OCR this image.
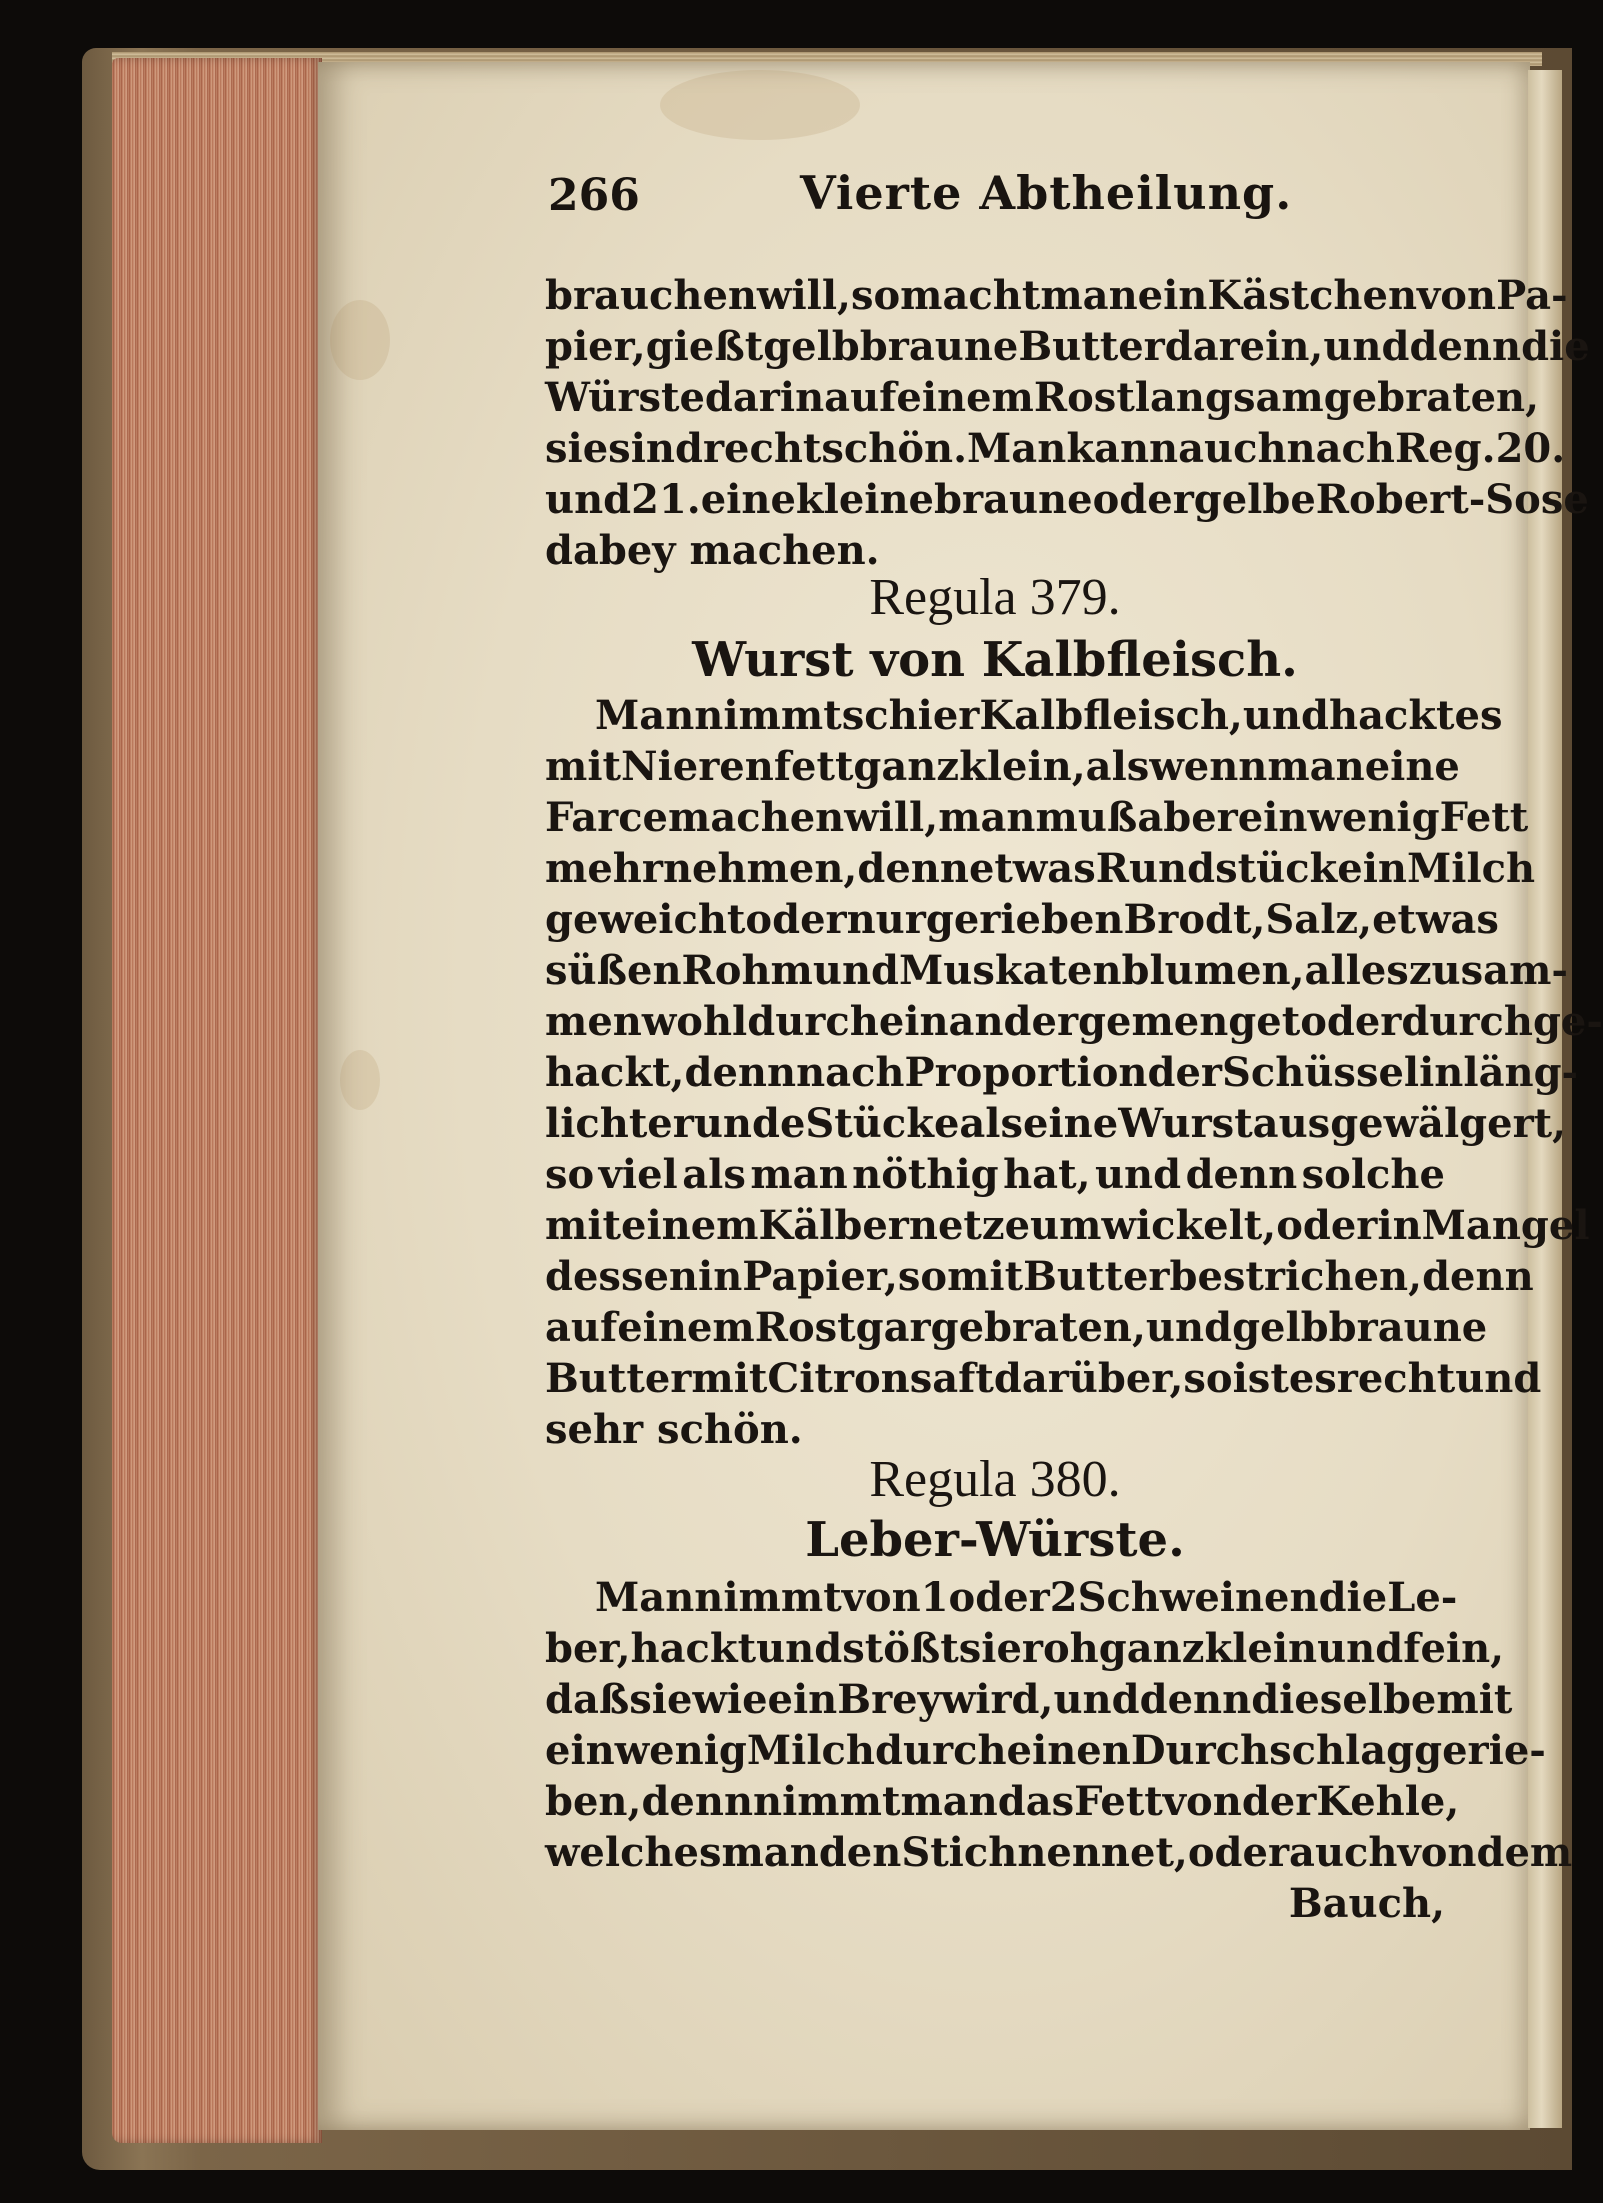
266	Vierte Abtheilung.
brauchen will, so macht man ein Kästchen von Pa-
pier, gießt gelbbraune Butter darein, und denn die
Würste darin auf einem Rost langsam gebraten,
sie sind recht schön. Man kann auch nach Reg. 20.
und 21. eine kleine braune oder gelbe Robert-Sose
dabey machen.
Regula 379.
Wurst von Kalbfleisch.
Man nimmt schier Kalbfleisch, und hackt es
mit Nierenfett ganz klein, als wenn man eine
Farce machen will, man muß aber ein wenig Fett
mehr nehmen, denn etwas Rundstücke in Milch
geweicht oder nur gerieben Brodt, Salz, etwas
süßen Rohm und Muskatenblumen, alles zusam-
men wohl durch einander gemenget oder durchge-
hackt, denn nach Proportion der Schüssel in läng-
lichte runde Stücke als eine Wurst ausgewälgert,
so viel als man nöthig hat, und denn solche
mit einem Kälbernetze umwickelt, oder in Mangel
dessen in Papier, so mit Butter bestrichen, denn
auf einem Rost gar gebraten, und gelbbraune
Butter mit Citronsaft darüber, so ist es recht und
sehr schön.
Regula 380.
Leber-Würste.
Man nimmt von 1 oder 2 Schweinen die Le-
ber, hackt und stößt sie roh ganz klein und fein,
daß sie wie ein Brey wird, und denn dieselbe mit
ein wenig Milch durch einen Durchschlag gerie-
ben, denn nimmt man das Fett von der Kehle,
welches man den Stich nennet, oder auch von dem
Bauch,
